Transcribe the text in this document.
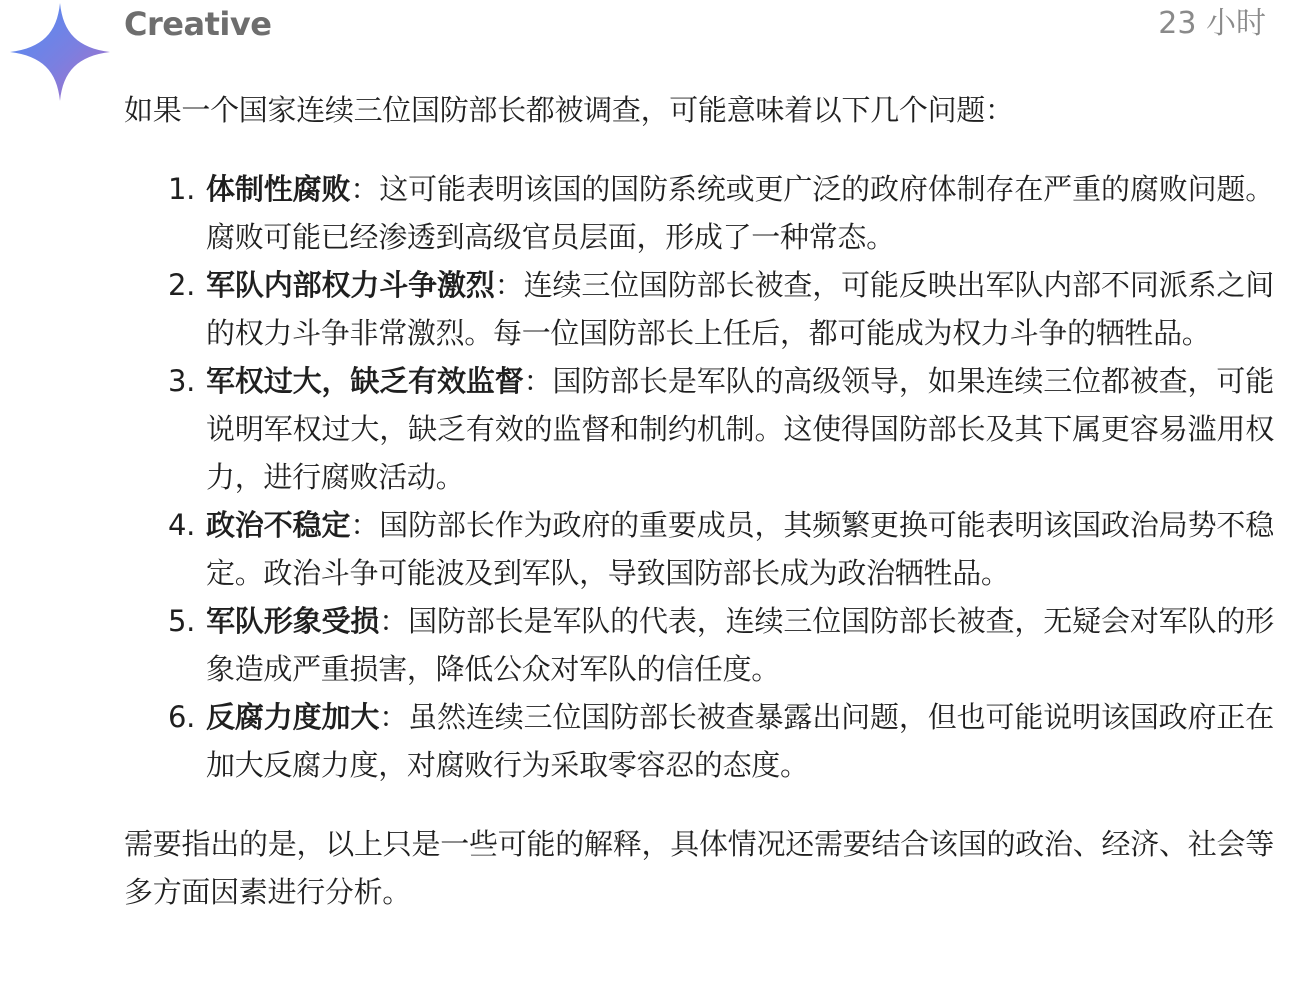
Creative	23 小时

如果一个国家连续三位国防部长都被调查，可能意味着以下几个问题：

1. 体制性腐败：这可能表明该国的国防系统或更广泛的政府体制存在严重的腐败问题。腐败可能已经渗透到高级官员层面，形成了一种常态。
2. 军队内部权力斗争激烈：连续三位国防部长被查，可能反映出军队内部不同派系之间的权力斗争非常激烈。每一位国防部长上任后，都可能成为权力斗争的牺牲品。
3. 军权过大，缺乏有效监督：国防部长是军队的高级领导，如果连续三位都被查，可能说明军权过大，缺乏有效的监督和制约机制。这使得国防部长及其下属更容易滥用权力，进行腐败活动。
4. 政治不稳定：国防部长作为政府的重要成员，其频繁更换可能表明该国政治局势不稳定。政治斗争可能波及到军队，导致国防部长成为政治牺牲品。
5. 军队形象受损：国防部长是军队的代表，连续三位国防部长被查，无疑会对军队的形象造成严重损害，降低公众对军队的信任度。
6. 反腐力度加大：虽然连续三位国防部长被查暴露出问题，但也可能说明该国政府正在加大反腐力度，对腐败行为采取零容忍的态度。

需要指出的是，以上只是一些可能的解释，具体情况还需要结合该国的政治、经济、社会等多方面因素进行分析。
